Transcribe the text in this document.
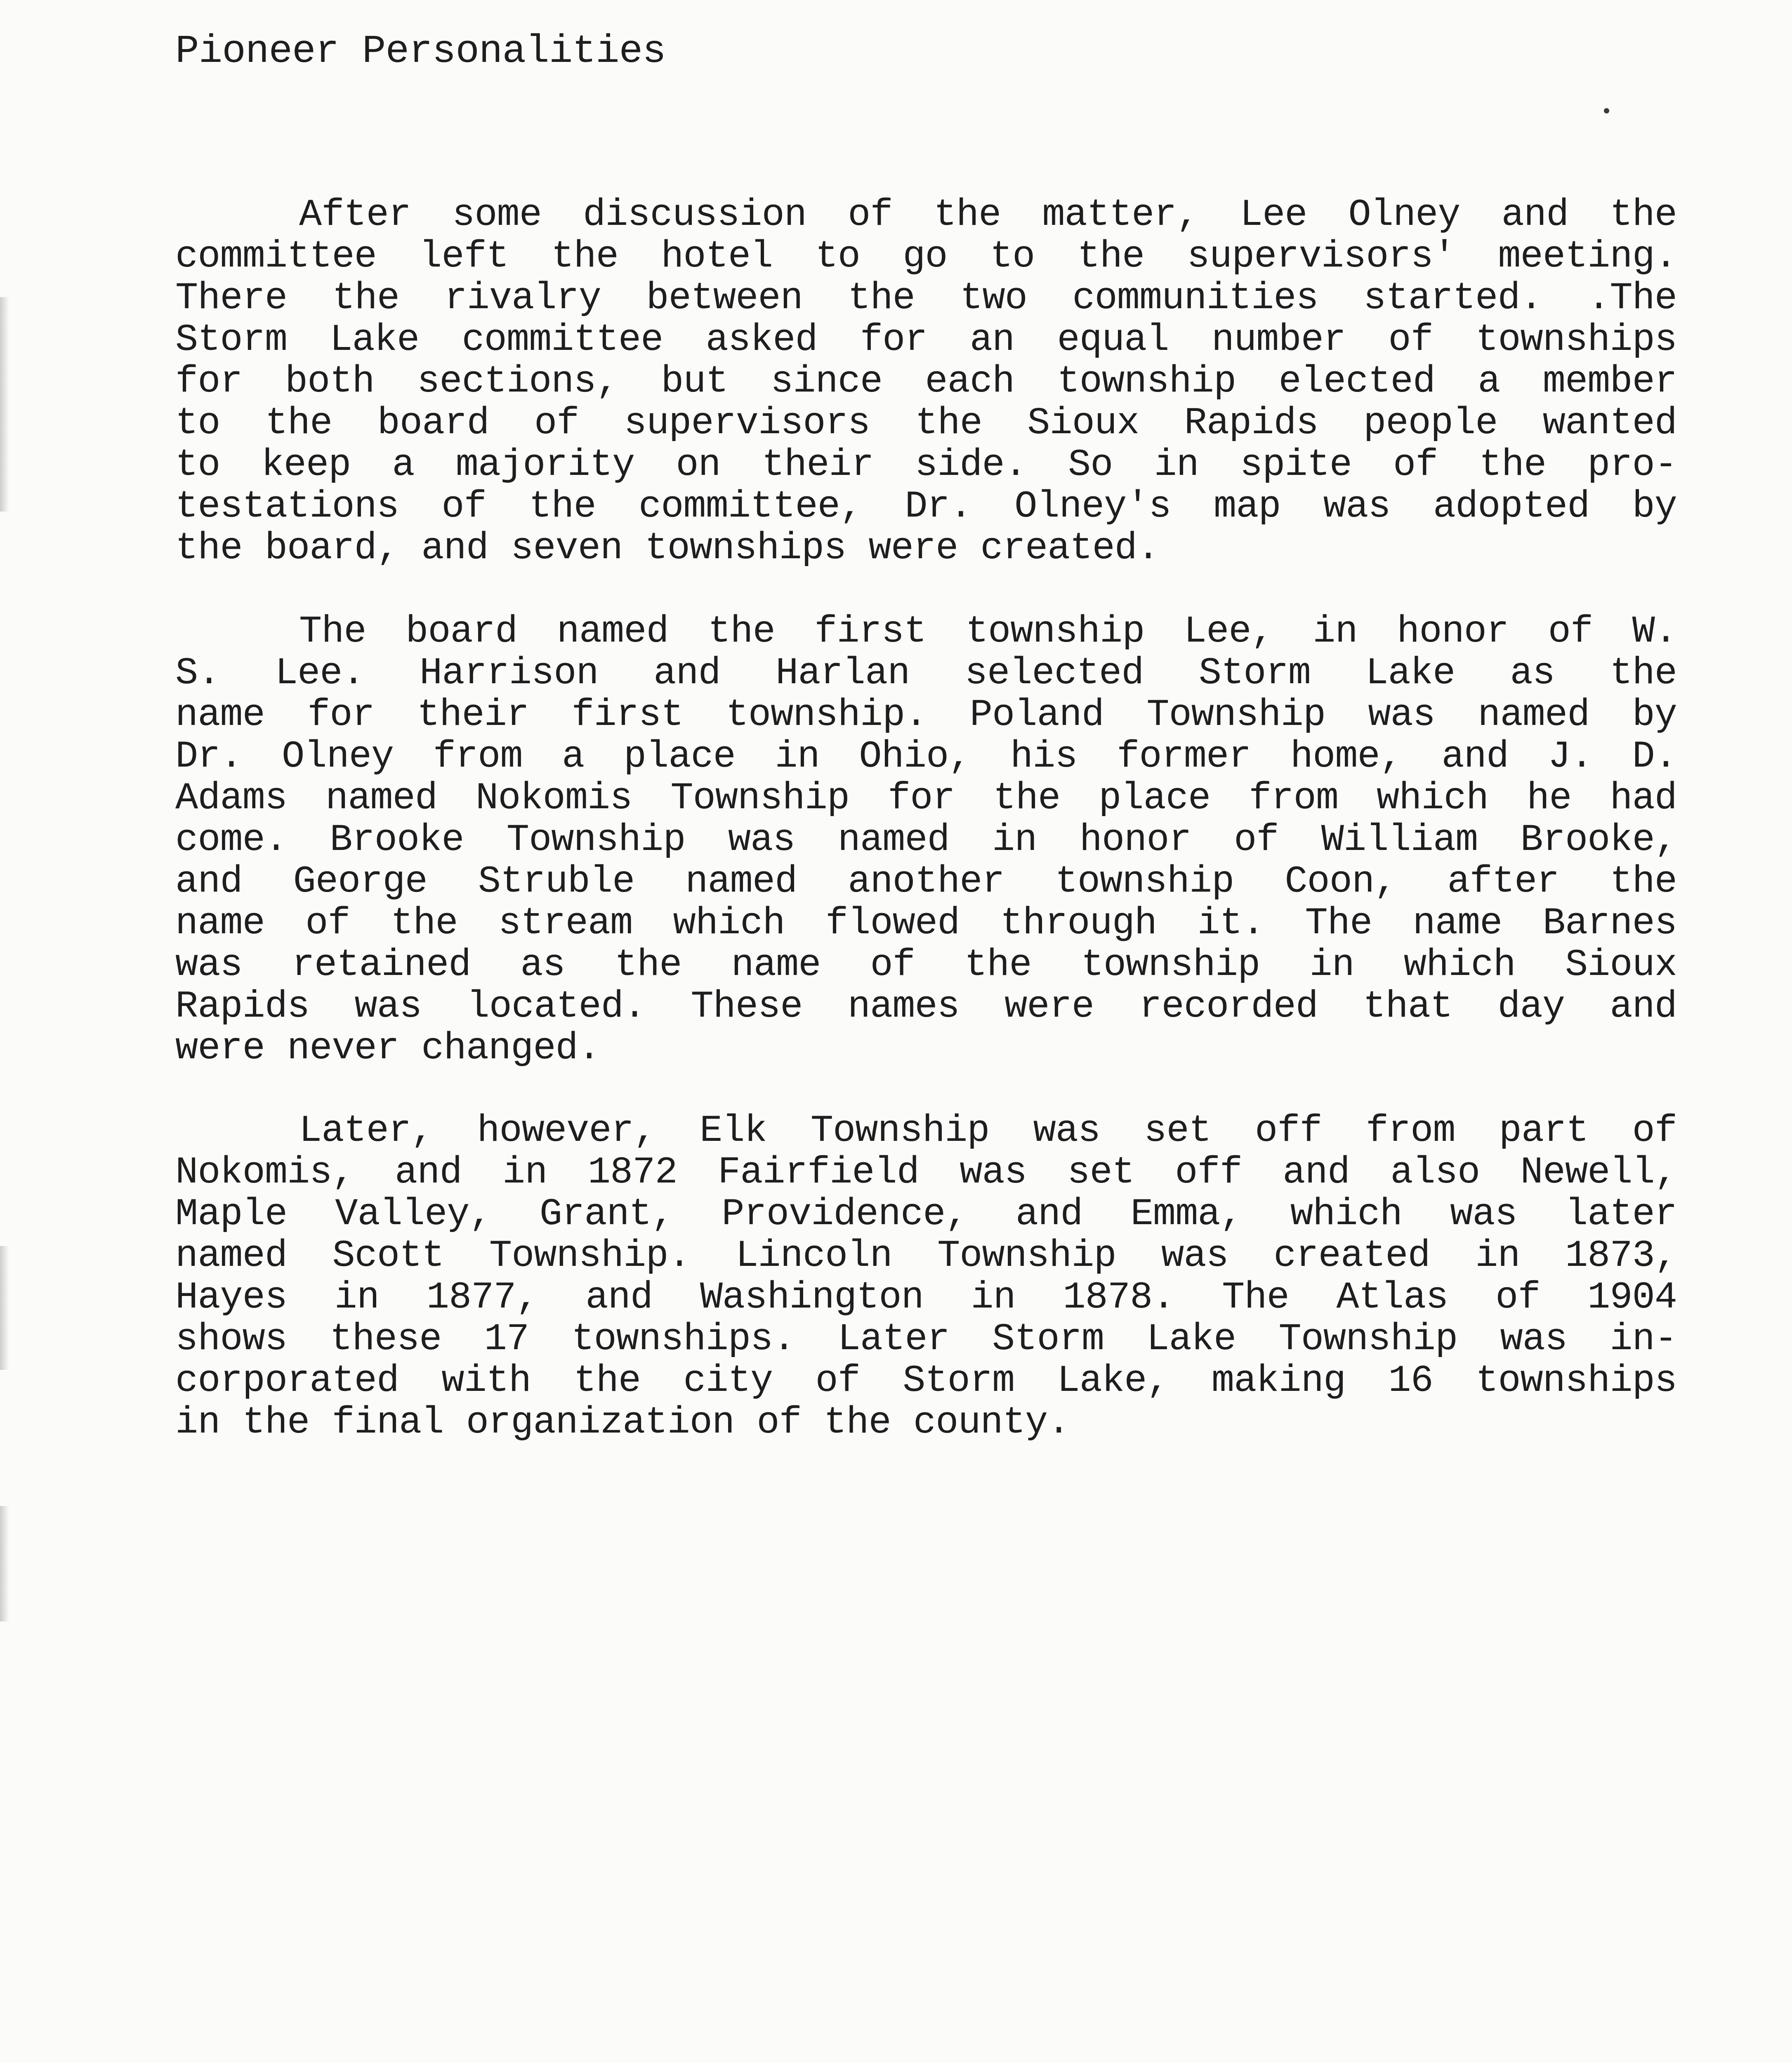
Pioneer Personalities
After some discussion of the matter, Lee Olney and the
committee left the hotel to go to the supervisors' meeting.
There the rivalry between the two communities started. .The
Storm Lake committee asked for an equal number of townships
for both sections, but since each township elected a member
to the board of supervisors the Sioux Rapids people wanted
to keep a majority on their side. So in spite of the pro-
testations of the committee, Dr. Olney's map was adopted by
the board, and seven townships were created.
The board named the first township Lee, in honor of W.
S. Lee. Harrison and Harlan selected Storm Lake as the
name for their first township. Poland Township was named by
Dr. Olney from a place in Ohio, his former home, and J. D.
Adams named Nokomis Township for the place from which he had
come. Brooke Township was named in honor of William Brooke,
and George Struble named another township Coon, after the
name of the stream which flowed through it. The name Barnes
was retained as the name of the township in which Sioux
Rapids was located. These names were recorded that day and
were never changed.
Later, however, Elk Township was set off from part of
Nokomis, and in 1872 Fairfield was set off and also Newell,
Maple Valley, Grant, Providence, and Emma, which was later
named Scott Township. Lincoln Township was created in 1873,
Hayes in 1877, and Washington in 1878. The Atlas of 1904
shows these 17 townships. Later Storm Lake Township was in-
corporated with the city of Storm Lake, making 16 townships
in the final organization of the county.
